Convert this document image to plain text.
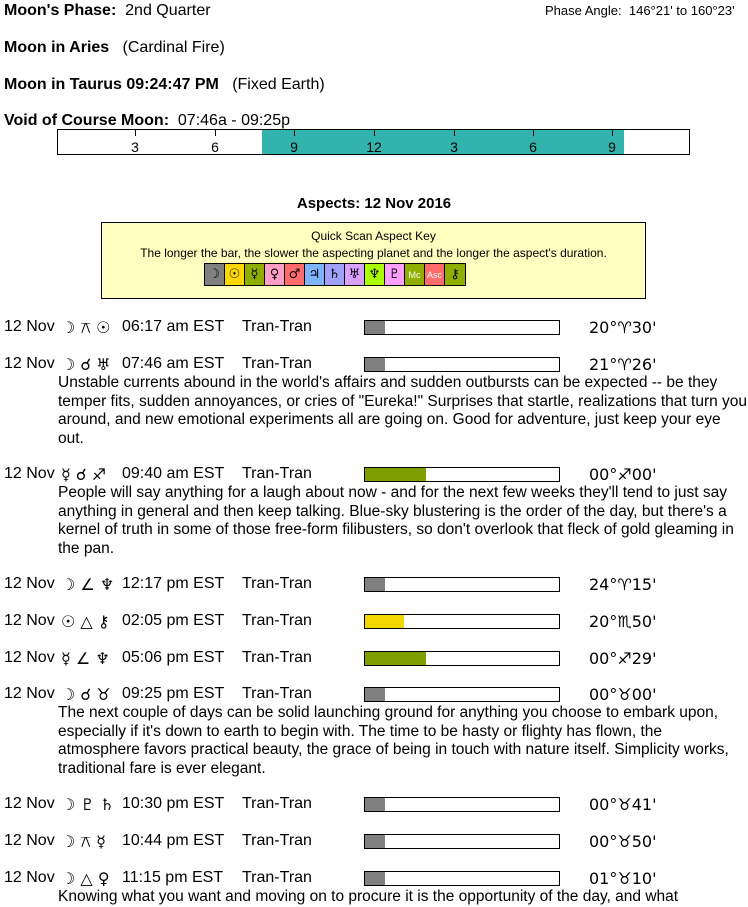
Moon's Phase: 2nd Quarter	Phase Angle: 146°21' to 160°23'
Moon in Aries (Cardinal Fire)
Moon in Taurus 09:24:47 PM (Fixed Earth)
Void of Course Moon: 07:46a - 09:25p
3	6	9	12	3	6	9
Aspects: 12 Nov 2016
Quick Scan Aspect Key
The longer the bar, the slower the aspecting planet and the longer the aspect's duration.
☽ ☉ ☿ ♀ ♂ ♃ ♄ ♅ ♆ ♇ Mc Asc ⚷
12 Nov ☽ ⚻ ☉ 06:17 am EST Tran-Tran	20°♈30'
12 Nov ☽ ☌ ♅ 07:46 am EST Tran-Tran	21°♈26'
Unstable currents abound in the world's affairs and sudden outbursts can be expected -- be they temper fits, sudden annoyances, or cries of "Eureka!" Surprises that startle, realizations that turn you around, and new emotional experiments all are going on. Good for adventure, just keep your eye out.
12 Nov ☿ ☌ ♐ 09:40 am EST Tran-Tran	00°♐00'
People will say anything for a laugh about now - and for the next few weeks they'll tend to just say anything in general and then keep talking. Blue-sky blustering is the order of the day, but there's a kernel of truth in some of those free-form filibusters, so don't overlook that fleck of gold gleaming in the pan.
12 Nov ☽ ∠ ♆ 12:17 pm EST Tran-Tran	24°♈15'
12 Nov ☉ △ ⚷ 02:05 pm EST Tran-Tran	20°♏50'
12 Nov ☿ ∠ ♆ 05:06 pm EST Tran-Tran	00°♐29'
12 Nov ☽ ☌ ♉ 09:25 pm EST Tran-Tran	00°♉00'
The next couple of days can be solid launching ground for anything you choose to embark upon, especially if it's down to earth to begin with. The time to be hasty or flighty has flown, the atmosphere favors practical beauty, the grace of being in touch with nature itself. Simplicity works, traditional fare is ever elegant.
12 Nov ☽ ♇ ♄ 10:30 pm EST Tran-Tran	00°♉41'
12 Nov ☽ ⚻ ☿ 10:44 pm EST Tran-Tran	00°♉50'
12 Nov ☽ △ ♀ 11:15 pm EST Tran-Tran	01°♉10'
Knowing what you want and moving on to procure it is the opportunity of the day, and what
